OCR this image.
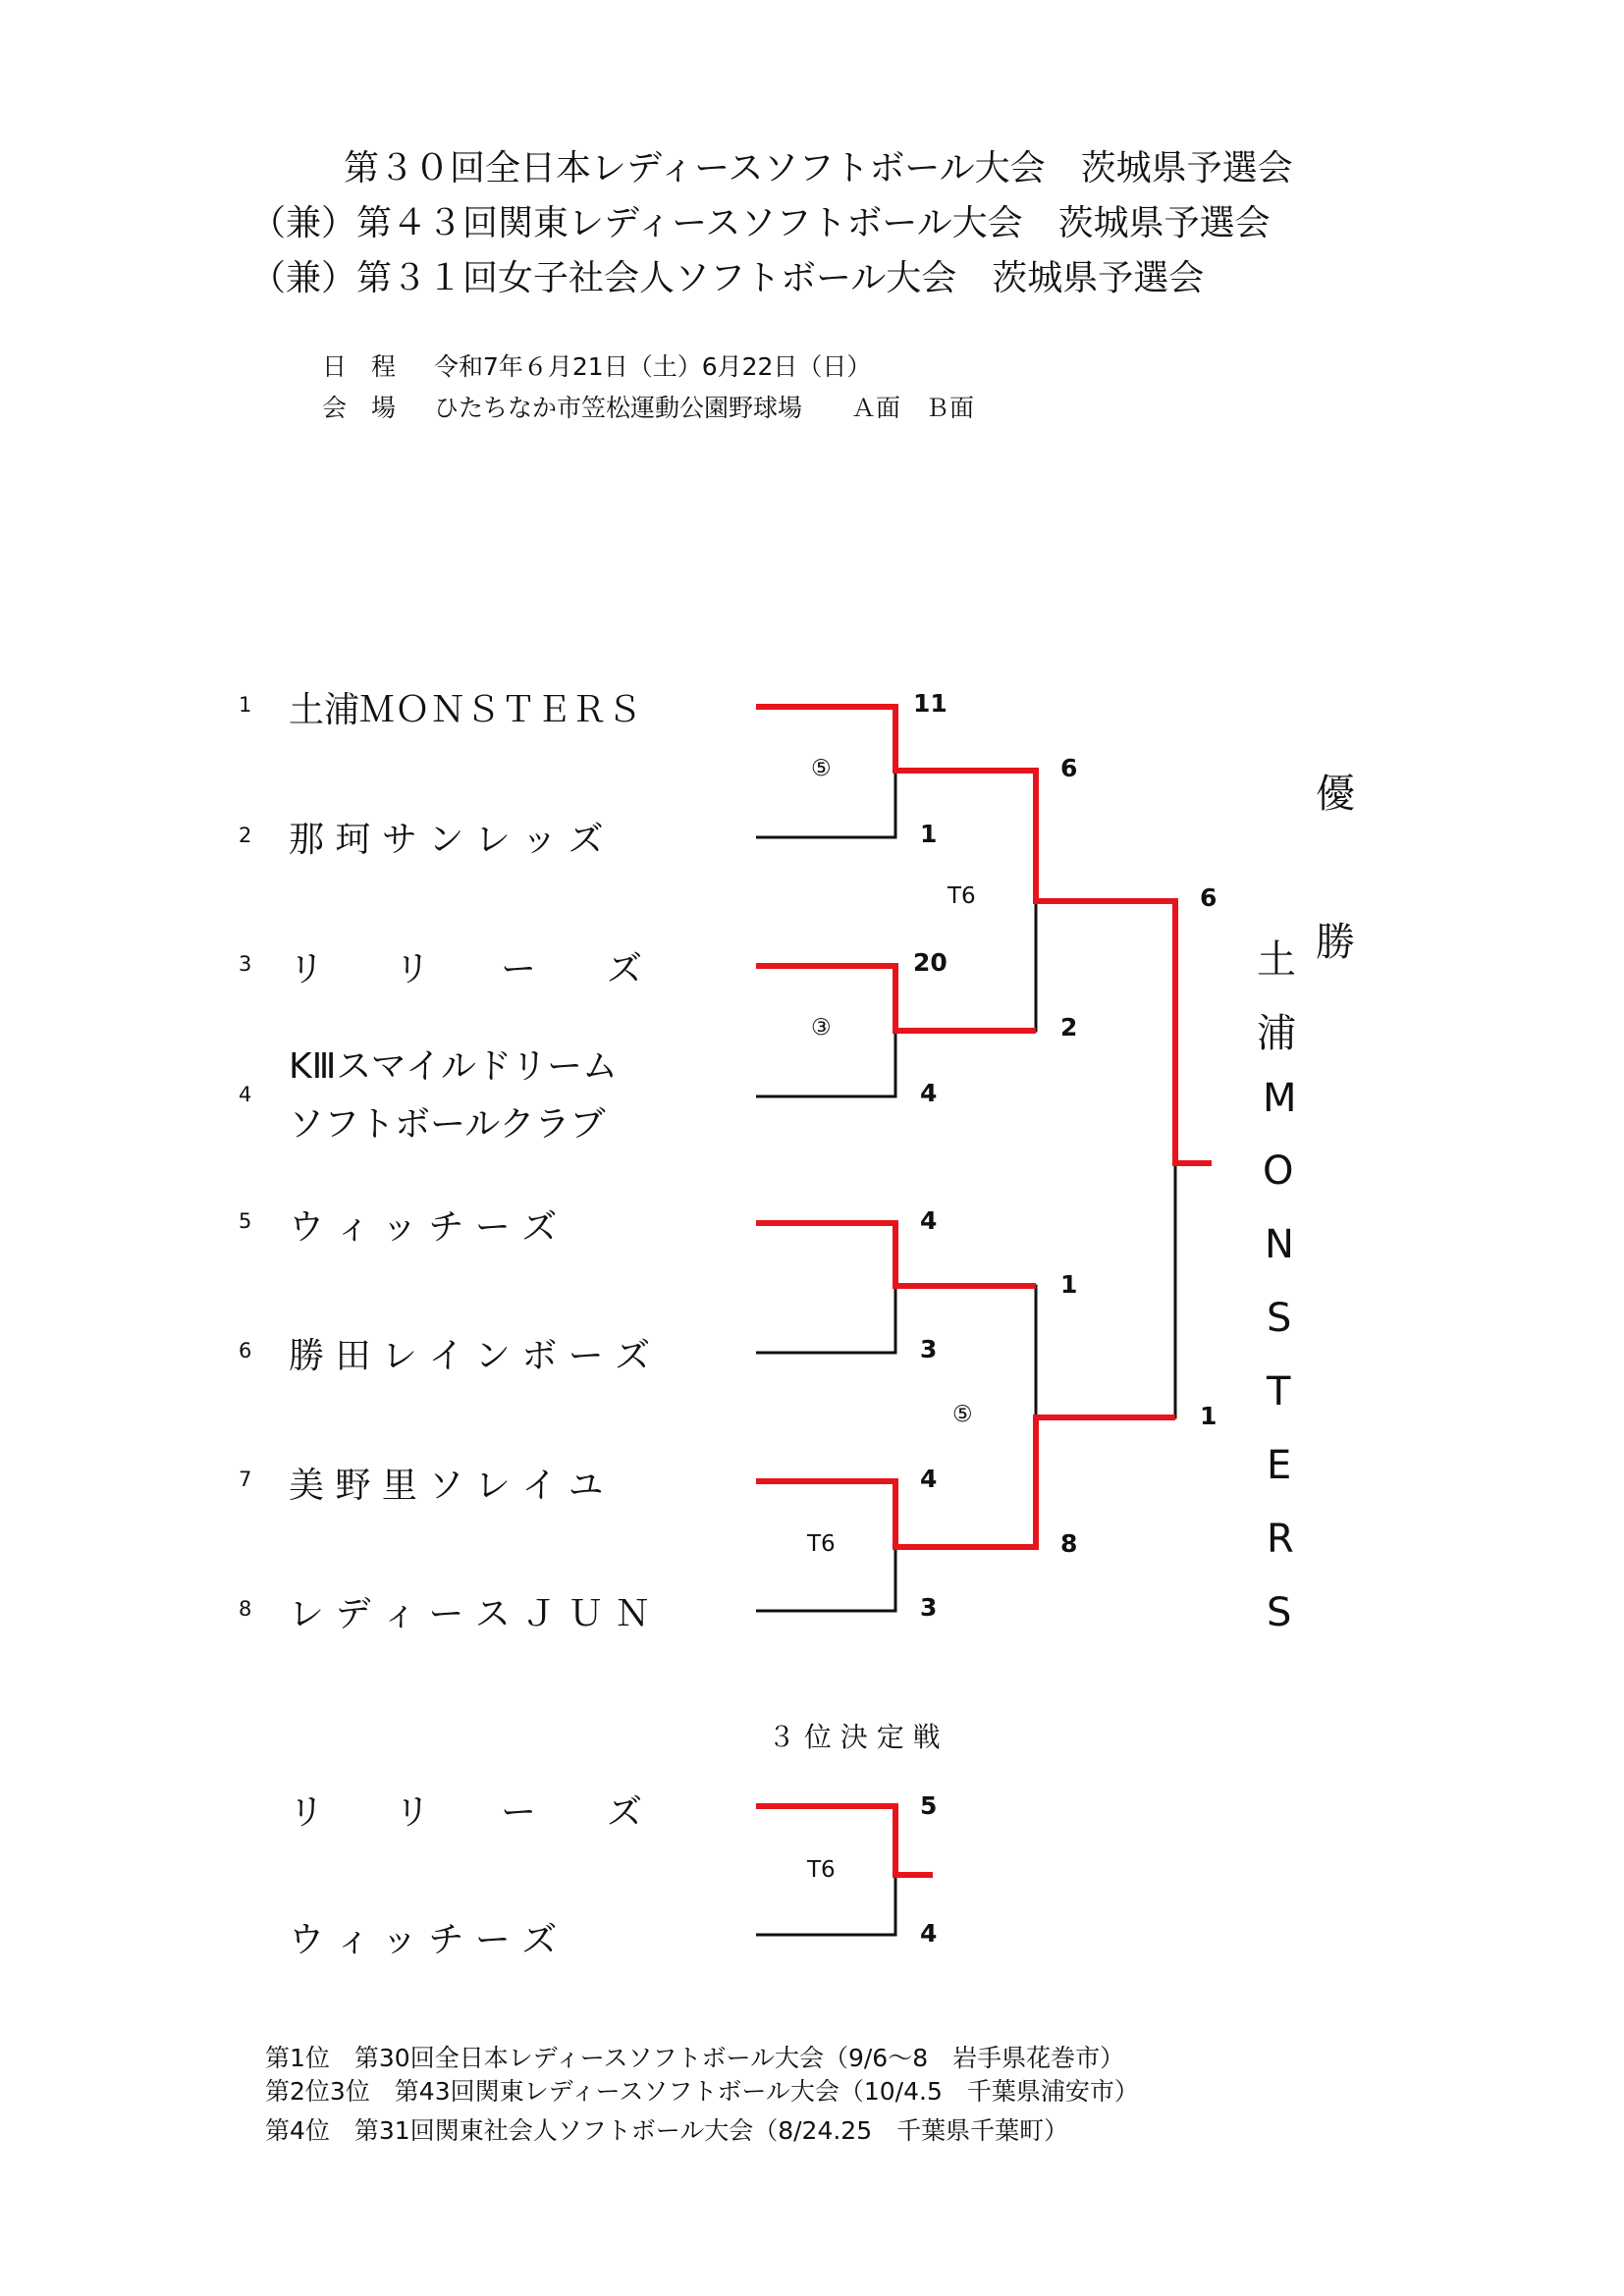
第３０回全日本レディースソフトボール大会　茨城県予選会
（兼）第４３回関東レディースソフトボール大会　茨城県予選会
（兼）第３１回女子社会人ソフトボール大会　茨城県予選会
日　程 令和7年６月21日（土）6月22日（日）
会　場 ひたちなか市笠松運動公園野球場　　Ａ面　Ｂ面
1
2
3
4
5
6
7
8
土浦ＭＯＮＳＴＥＲＳ
那 珂 サ ン レ ッ ズ
リ　　リ　　ー　　ズ
KⅢスマイルドリーム
ソフトボールクラブ
ウ ィ ッ チ ー ズ
勝 田 レ イ ン ボ ー ズ
美 野 里 ソ レ イ ユ
レ デ ィ ー ス Ｊ Ｕ Ｎ
11
1
⑤
20
4
③
4
3
4
3
T6
6
2
T6
1
8
⑤
6
1
優
勝
土
浦
M
O
N
S
T
E
R
S
３ 位 決 定 戦
リ　　リ　　ー　　ズ
ウ ィ ッ チ ー ズ
5
4
T6
第1位　第30回全日本レディースソフトボール大会（9/6～8　岩手県花巻市）
第2位3位　第43回関東レディースソフトボール大会（10/4.5　千葉県浦安市）
第4位　第31回関東社会人ソフトボール大会（8/24.25　千葉県千葉町）
